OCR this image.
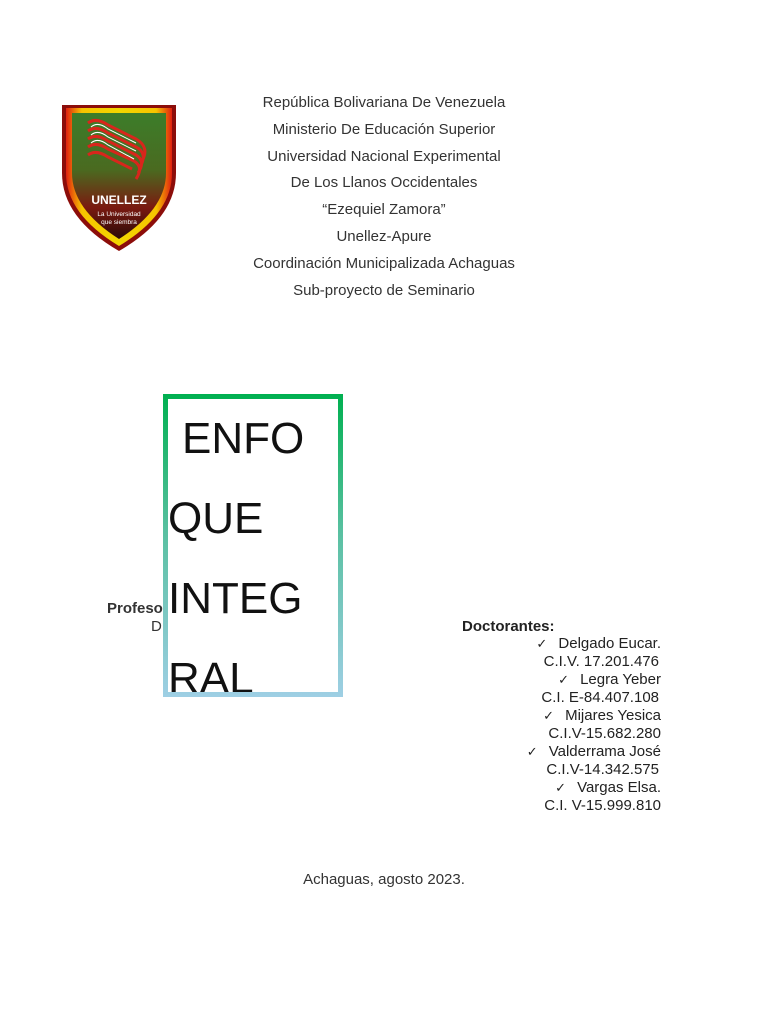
UNELLEZ
La Universidad
que siembra
República Bolivariana De Venezuela
Ministerio De Educación Superior
Universidad Nacional Experimental
De Los Llanos Occidentales
“Ezequiel Zamora”
Unellez-Apure
Coordinación Municipalizada Achaguas
Sub-proyecto de Seminario
Profeso
D
ENFO
QUE
INTEG
RAL
Doctorantes:
✓ Delgado Eucar.
C.I.V. 17.201.476
✓ Legra Yeber
C.I. E-84.407.108
✓ Mijares Yesica
C.I.V-15.682.280
✓ Valderrama José
C.I.V-14.342.575
✓ Vargas Elsa.
C.I. V-15.999.810
Achaguas, agosto 2023.
